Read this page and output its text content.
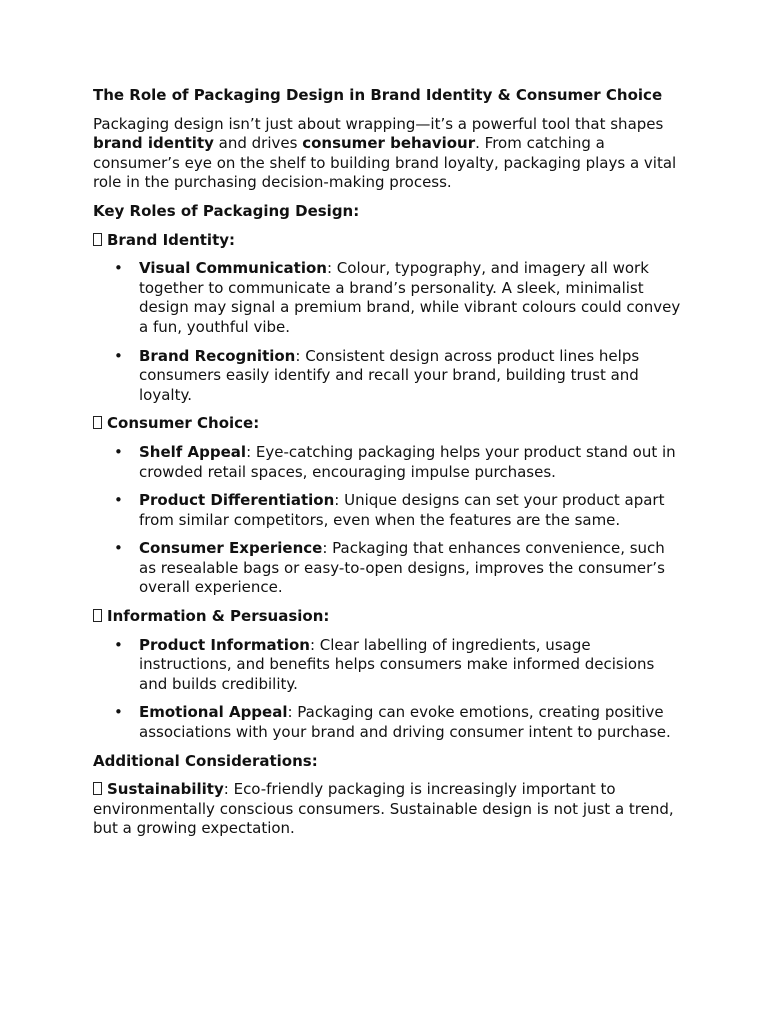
The Role of Packaging Design in Brand Identity & Consumer Choice

Packaging design isn’t just about wrapping—it’s a powerful tool that shapes brand identity and drives consumer behaviour. From catching a consumer’s eye on the shelf to building brand loyalty, packaging plays a vital role in the purchasing decision-making process.

Key Roles of Packaging Design:
Brand Identity:
• Visual Communication: Colour, typography, and imagery all work together to communicate a brand’s personality. A sleek, minimalist design may signal a premium brand, while vibrant colours could convey a fun, youthful vibe.
• Brand Recognition: Consistent design across product lines helps consumers easily identify and recall your brand, building trust and loyalty.
Consumer Choice:
• Shelf Appeal: Eye-catching packaging helps your product stand out in crowded retail spaces, encouraging impulse purchases.
• Product Differentiation: Unique designs can set your product apart from similar competitors, even when the features are the same.
• Consumer Experience: Packaging that enhances convenience, such as resealable bags or easy-to-open designs, improves the consumer’s overall experience.
Information & Persuasion:
• Product Information: Clear labelling of ingredients, usage instructions, and benefits helps consumers make informed decisions and builds credibility.
• Emotional Appeal: Packaging can evoke emotions, creating positive associations with your brand and driving consumer intent to purchase.
Additional Considerations:

Sustainability: Eco-friendly packaging is increasingly important to environmentally conscious consumers. Sustainable design is not just a trend, but a growing expectation.
